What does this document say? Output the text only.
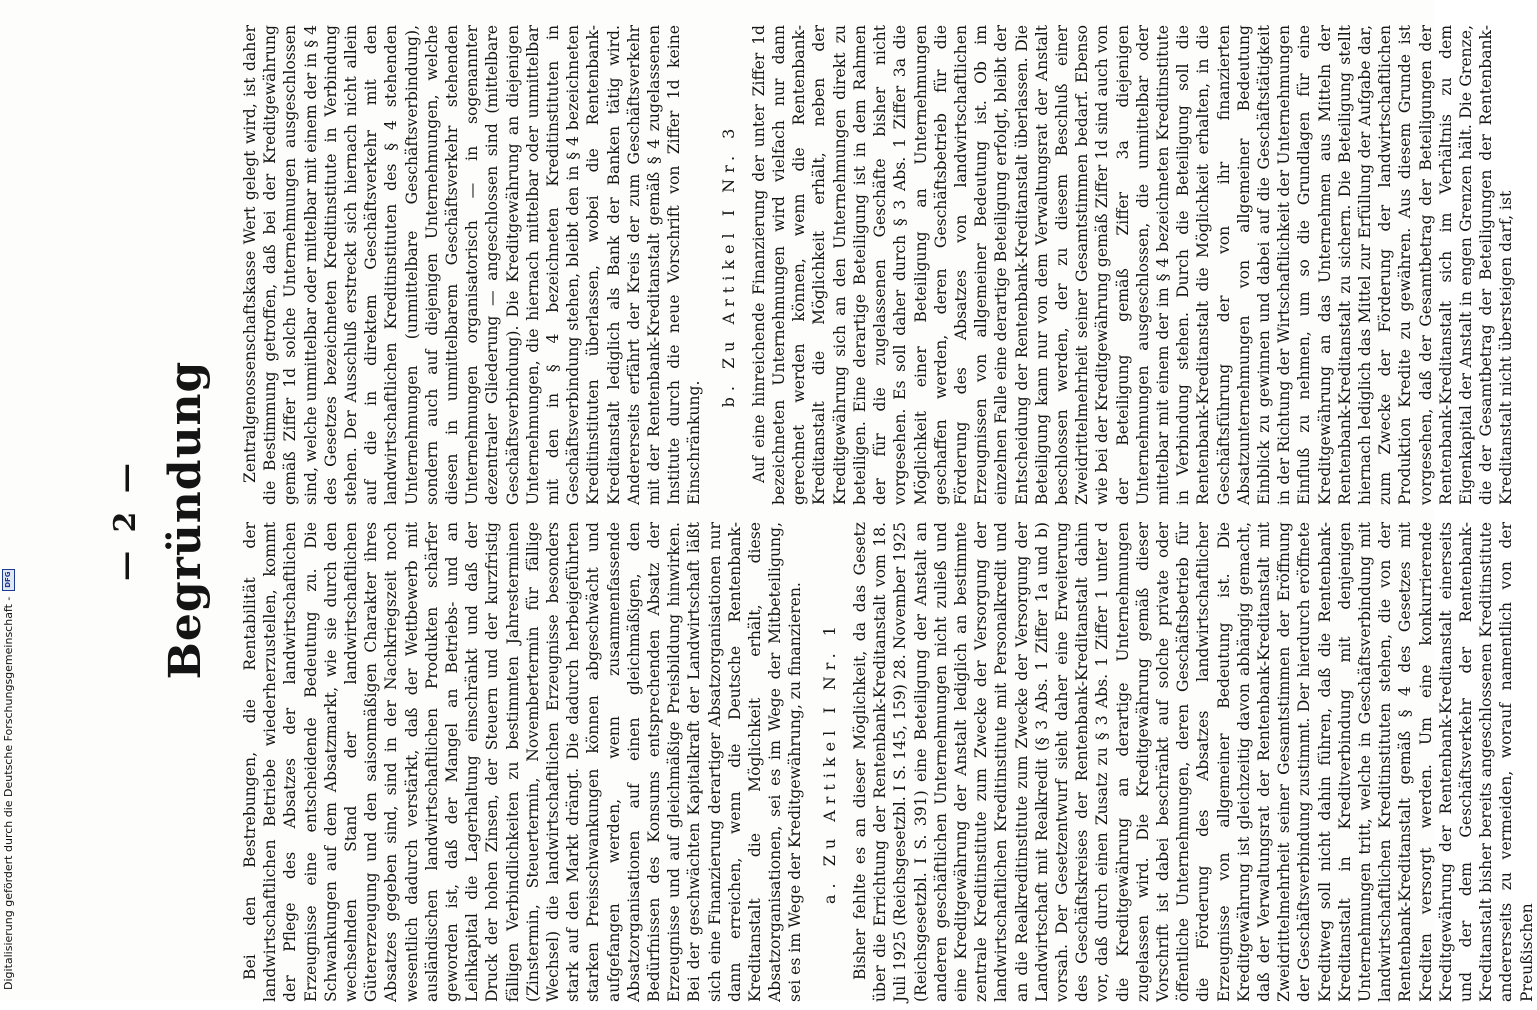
— 2 — Begründung

Bei den Bestrebungen, die Rentabilität der landwirtschaftlichen Betriebe wiederherzustellen, kommt der Pflege des Absatzes der landwirtschaftlichen Erzeugnisse eine entscheidende Bedeutung zu. Die Schwankungen auf dem Absatzmarkt, wie sie durch den wechselnden Stand der landwirtschaftlichen Gütererzeugung und den saisonmäßigen Charakter ihres Absatzes gegeben sind, sind in der Nachkriegszeit noch wesentlich dadurch verstärkt, daß der Wettbewerb mit ausländischen landwirtschaftlichen Produkten schärfer geworden ist, daß der Mangel an Betriebs- und an Leihkapital die Lagerhaltung einschränkt und daß der Druck der hohen Zinsen, der Steuern und der kurzfristig fälligen Verbindlichkeiten zu bestimmten Jahresterminen (Zinstermin, Steuertermin, Novembertermin für fällige Wechsel) die landwirtschaftlichen Erzeugnisse besonders stark auf den Markt drängt. Die dadurch herbeigeführten starken Preisschwankungen können abgeschwächt und aufgefangen werden, wenn zusammenfassende Absatzorganisationen auf einen gleichmäßigen, den Bedürfnissen des Konsums entsprechenden Absatz der Erzeugnisse und auf gleichmäßige Preisbildung hinwirken. Bei der geschwächten Kapitalkraft der Landwirtschaft läßt sich eine Finanzierung derartiger Absatzorganisationen nur dann erreichen, wenn die Deutsche Rentenbank-Kreditanstalt die Möglichkeit erhält, diese Absatzorganisationen, sei es im Wege der Mitbeteiligung, sei es im Wege der Kreditgewährung, zu finanzieren. a. Zu Artikel I Nr. 1 Bisher fehlte es an dieser Möglichkeit, da das Gesetz über die Errichtung der Rentenbank-Kreditanstalt vom 18. Juli 1925 (Reichsgesetzbl. I S. 145, 159) 28. November 1925 (Reichsgesetzbl. I S. 391) eine Beteiligung der Anstalt an anderen geschäftlichen Unternehmungen nicht zuließ und eine Kreditgewährung der Anstalt lediglich an bestimmte zentrale Kreditinstitute zum Zwecke der Versorgung der landwirtschaftlichen Kreditinstitute mit Personalkredit und an die Realkreditinstitute zum Zwecke der Versorgung der Landwirtschaft mit Realkredit (§ 3 Abs. 1 Ziffer 1a und b) vorsah. Der Gesetzentwurf sieht daher eine Erweiterung des Geschäftskreises der Rentenbank-Kreditanstalt dahin vor, daß durch einen Zusatz zu § 3 Abs. 1 Ziffer 1 unter d die Kreditgewährung an derartige Unternehmungen zugelassen wird. Die Kreditgewährung gemäß dieser Vorschrift ist dabei beschränkt auf solche private oder öffentliche Unternehmungen, deren Geschäftsbetrieb für die Förderung des Absatzes landwirtschaftlicher Erzeugnisse von allgemeiner Bedeutung ist. Die Kreditgewährung ist gleichzeitig davon abhängig gemacht, daß der Verwaltungsrat der Rentenbank-Kreditanstalt mit Zweidrittelmehrheit seiner Gesamtstimmen der Eröffnung der Geschäftsverbindung zustimmt. Der hierdurch eröffnete Kreditweg soll nicht dahin führen, daß die Rentenbank-Kreditanstalt in Kreditverbindung mit denjenigen Unternehmungen tritt, welche in Geschäftsverbindung mit landwirtschaftlichen Kreditinstituten stehen, die von der Rentenbank-Kreditanstalt gemäß § 4 des Gesetzes mit Krediten versorgt werden. Um eine konkurrierende Kreditgewährung der Rentenbank-Kreditanstalt einerseits und der dem Geschäftsverkehr der Rentenbank-Kreditanstalt bisher bereits angeschlossenen Kreditinstitute andererseits zu vermeiden, worauf namentlich von der Preußischen

Zentralgenossenschaftskasse Wert gelegt wird, ist daher die Bestimmung getroffen, daß bei der Kreditgewährung gemäß Ziffer 1d solche Unternehmungen ausgeschlossen sind, welche unmittelbar oder mittelbar mit einem der in § 4 des Gesetzes bezeichneten Kreditinstitute in Verbindung stehen. Der Ausschluß erstreckt sich hiernach nicht allein auf die in direktem Geschäftsverkehr mit den landwirtschaftlichen Kreditinstituten des § 4 stehenden Unternehmungen (unmittelbare Geschäftsverbindung), sondern auch auf diejenigen Unternehmungen, welche diesen in unmittelbarem Geschäftsverkehr stehenden Unternehmungen organisatorisch — in sogenannter dezentraler Gliederung — angeschlossen sind (mittelbare Geschäftsverbindung). Die Kreditgewährung an diejenigen Unternehmungen, die hiernach mittelbar oder unmittelbar mit den in § 4 bezeichneten Kreditinstituten in Geschäftsverbindung stehen, bleibt den in § 4 bezeichneten Kreditinstituten überlassen, wobei die Rentenbank-Kreditanstalt lediglich als Bank der Banken tätig wird. Andererseits erfährt der Kreis der zum Geschäftsverkehr mit der Rentenbank-Kreditanstalt gemäß § 4 zugelassenen Institute durch die neue Vorschrift von Ziffer 1d keine Einschränkung.

b. Zu Artikel I Nr. 3 Auf eine hinreichende Finanzierung der unter Ziffer 1d bezeichneten Unternehmungen wird vielfach nur dann gerechnet werden können, wenn die Rentenbank-Kreditanstalt die Möglichkeit erhält, neben der Kreditgewährung sich an den Unternehmungen direkt zu beteiligen. Eine derartige Beteiligung ist in dem Rahmen der für die zugelassenen Geschäfte bisher nicht vorgesehen. Es soll daher durch § 3 Abs. 1 Ziffer 3a die Möglichkeit einer Beteiligung an Unternehmungen geschaffen werden, deren Geschäftsbetrieb für die Förderung des Absatzes von landwirtschaftlichen Erzeugnissen von allgemeiner Bedeutung ist. Ob im einzelnen Falle eine derartige Beteiligung erfolgt, bleibt der Entscheidung der Rentenbank-Kreditanstalt überlassen. Die Beteiligung kann nur von dem Verwaltungsrat der Anstalt beschlossen werden, der zu diesem Beschluß einer Zweidrittelmehrheit seiner Gesamtstimmen bedarf. Ebenso wie bei der Kreditgewährung gemäß Ziffer 1d sind auch von der Beteiligung gemäß Ziffer 3a diejenigen Unternehmungen ausgeschlossen, die unmittelbar oder mittelbar mit einem der im § 4 bezeichneten Kreditinstitute in Verbindung stehen. Durch die Beteiligung soll die Rentenbank-Kreditanstalt die Möglichkeit erhalten, in die Geschäftsführung der von ihr finanzierten Absatzunternehmungen von allgemeiner Bedeutung Einblick zu gewinnen und dabei auf die Geschäftstätigkeit in der Richtung der Wirtschaftlichkeit der Unternehmungen Einfluß zu nehmen, um so die Grundlagen für eine Kreditgewährung an das Unternehmen aus Mitteln der Rentenbank-Kreditanstalt zu sichern. Die Beteiligung stellt hiernach lediglich das Mittel zur Erfüllung der Aufgabe dar, zum Zwecke der Förderung der landwirtschaftlichen Produktion Kredite zu gewähren. Aus diesem Grunde ist vorgesehen, daß der Gesamtbetrag der Beteiligungen der Rentenbank-Kreditanstalt sich im Verhältnis zu dem Eigenkapital der Anstalt in engen Grenzen hält. Die Grenze, die der Gesamtbetrag der Beteiligungen der Rentenbank-Kreditanstalt nicht übersteigen darf, ist

Digitalisierung gefördert durch die Deutsche Forschungsgemeinschaft -
DFG
